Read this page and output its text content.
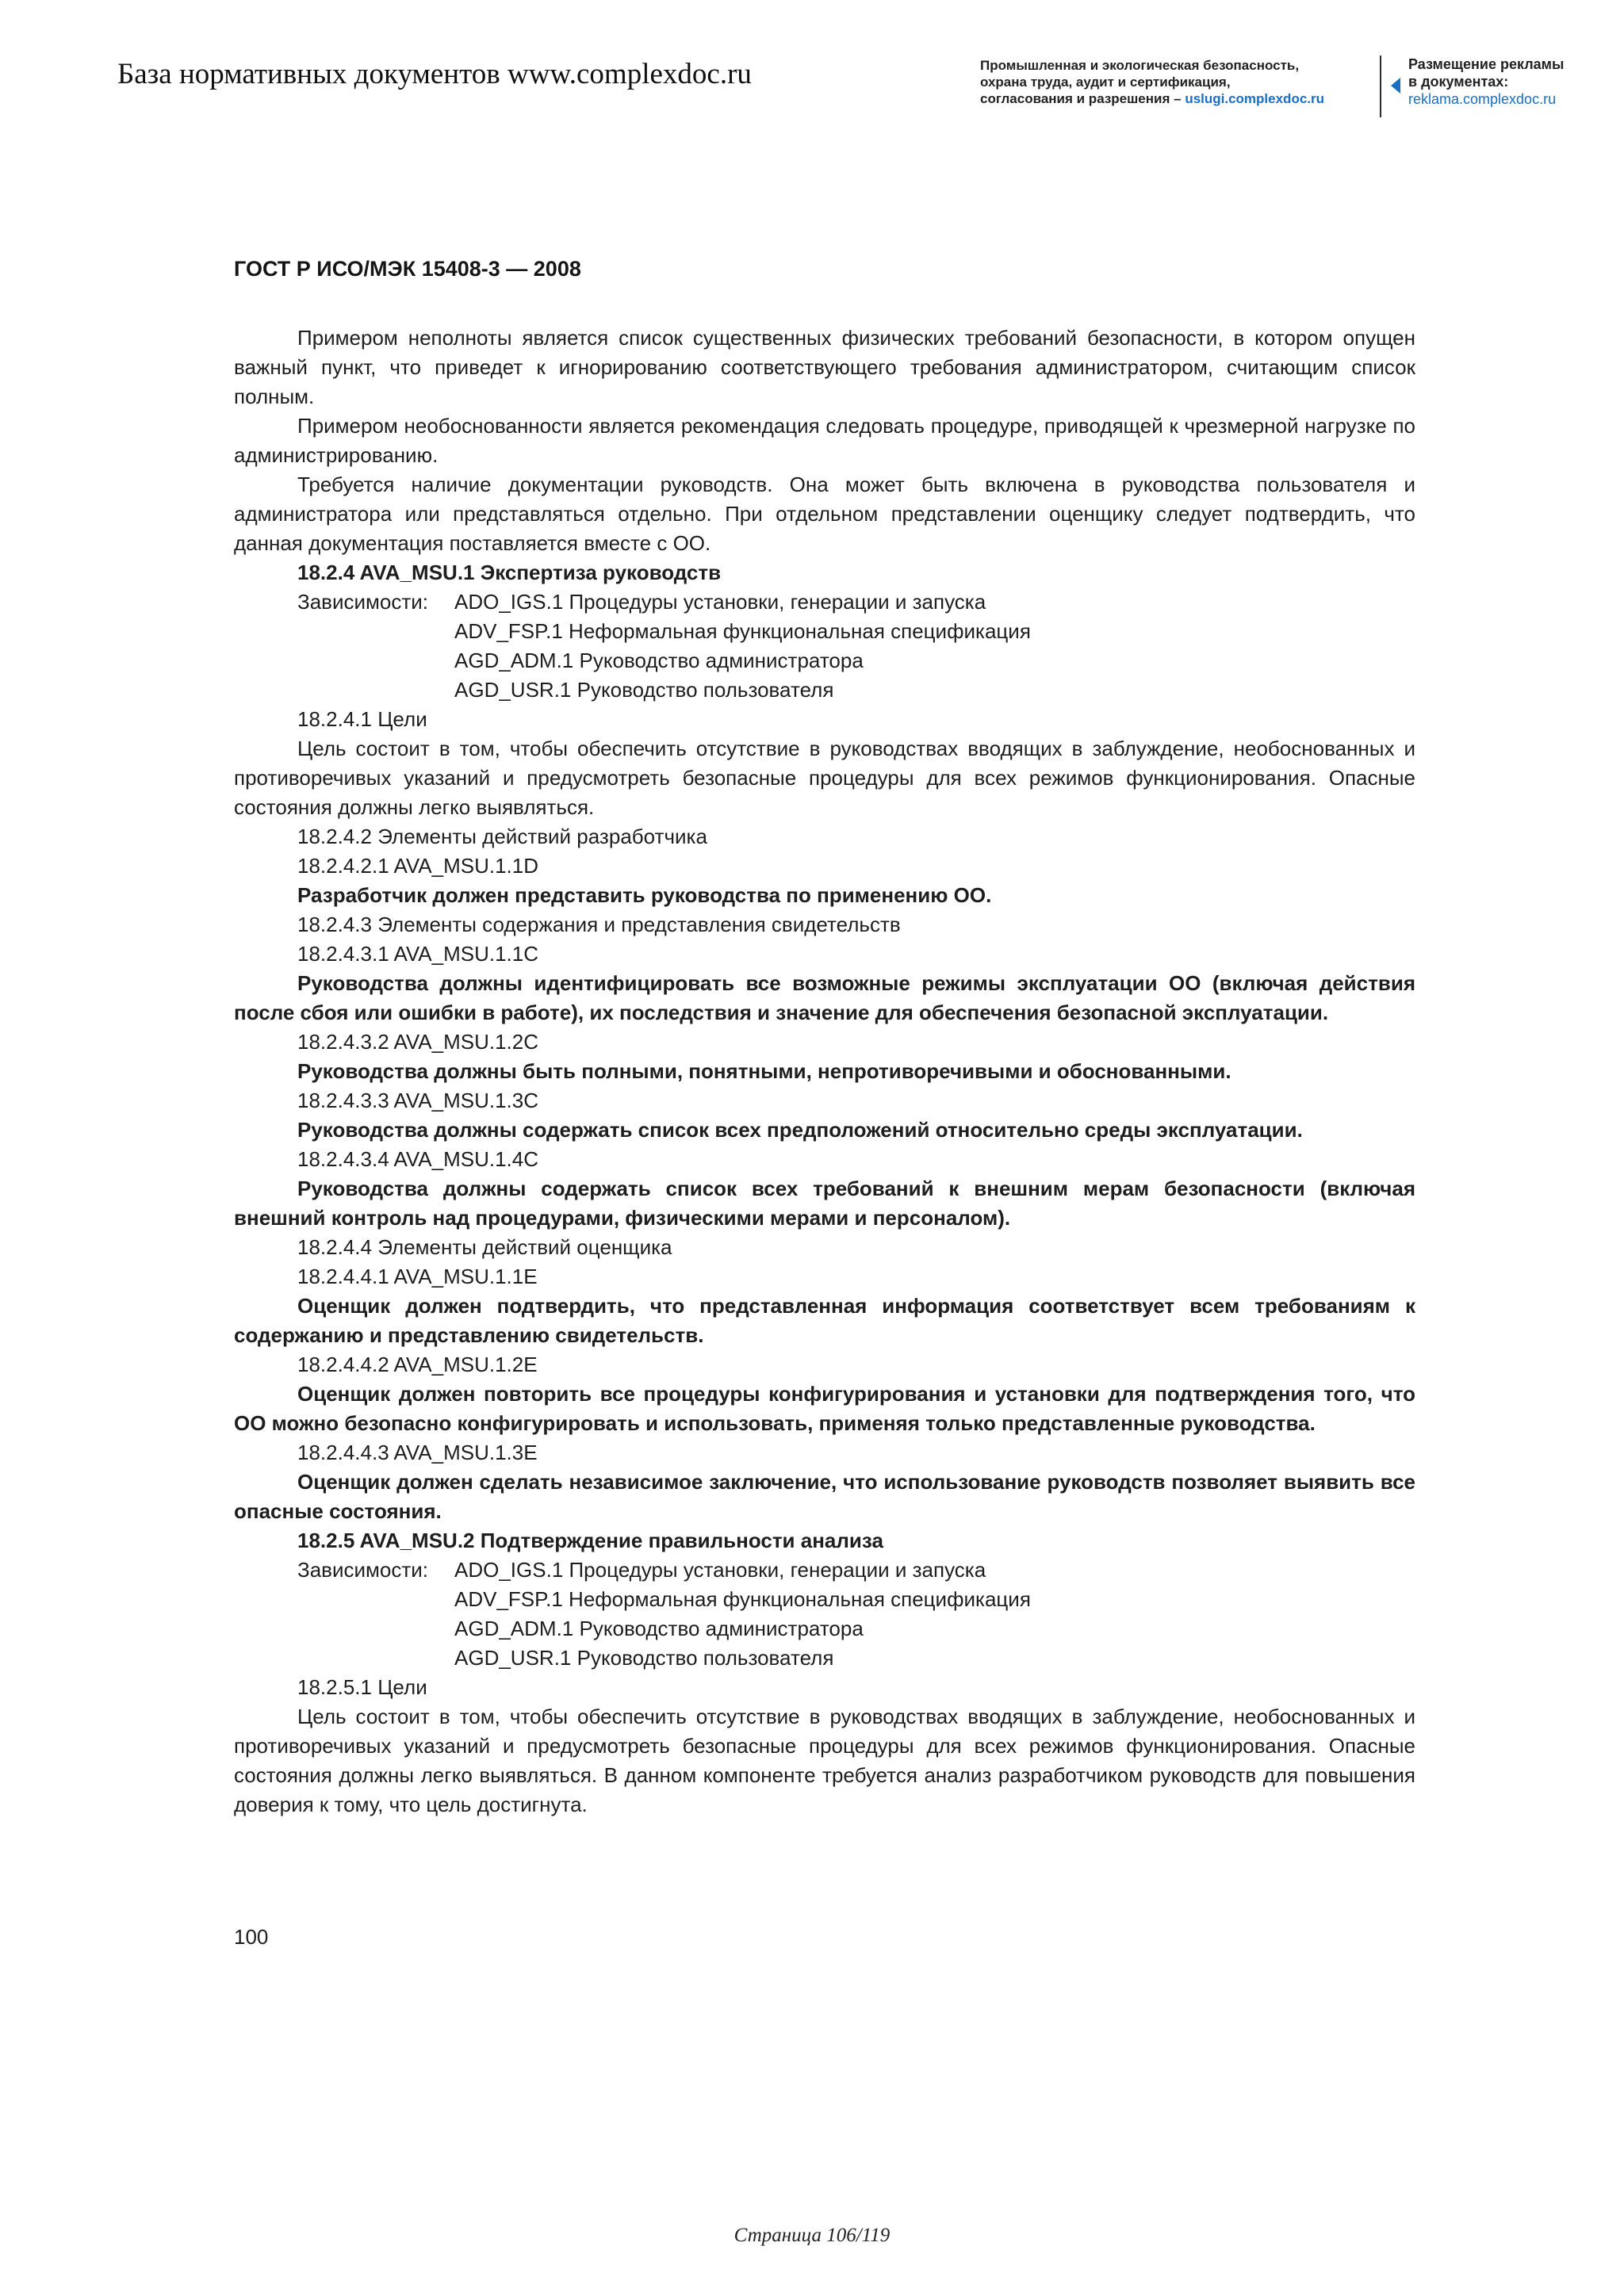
База нормативных документов www.complexdoc.ru	Промышленная и экологическая безопасность,
охрана труда, аудит и сертификация,
согласования и разрешения – uslugi.complexdoc.ru
Размещение рекламы
в документах:
reklama.complexdoc.ru
ГОСТ Р ИСО/МЭК 15408-3 — 2008

Примером неполноты является список существенных физических требований безопасности, в котором опущен важный пункт, что приведет к игнорированию соответствующего требования администратором, считающим список полным.

Примером необоснованности является рекомендация следовать процедуре, приводящей к чрезмерной нагрузке по администрированию.

Требуется наличие документации руководств. Она может быть включена в руководства пользователя и администратора или представляться отдельно. При отдельном представлении оценщику следует подтвердить, что данная документация поставляется вместе с ОО.

18.2.4 AVA_MSU.1 Экспертиза руководств

Зависимости:	ADO_IGS.1 Процедуры установки, генерации и запуска
ADV_FSP.1 Неформальная функциональная спецификация
AGD_ADM.1 Руководство администратора
AGD_USR.1 Руководство пользователя

18.2.4.1 Цели

Цель состоит в том, чтобы обеспечить отсутствие в руководствах вводящих в заблуждение, необоснованных и противоречивых указаний и предусмотреть безопасные процедуры для всех режимов функционирования. Опасные состояния должны легко выявляться.

18.2.4.2 Элементы действий разработчика

18.2.4.2.1 AVA_MSU.1.1D

Разработчик должен представить руководства по применению ОО.

18.2.4.3 Элементы содержания и представления свидетельств

18.2.4.3.1 AVA_MSU.1.1C

Руководства должны идентифицировать все возможные режимы эксплуатации ОО (включая действия после сбоя или ошибки в работе), их последствия и значение для обеспечения безопасной эксплуатации.

18.2.4.3.2 AVA_MSU.1.2C

Руководства должны быть полными, понятными, непротиворечивыми и обоснованными.

18.2.4.3.3 AVA_MSU.1.3C

Руководства должны содержать список всех предположений относительно среды эксплуатации.

18.2.4.3.4 AVA_MSU.1.4C

Руководства должны содержать список всех требований к внешним мерам безопасности (включая внешний контроль над процедурами, физическими мерами и персоналом).

18.2.4.4 Элементы действий оценщика

18.2.4.4.1 AVA_MSU.1.1E

Оценщик должен подтвердить, что представленная информация соответствует всем требованиям к содержанию и представлению свидетельств.

18.2.4.4.2 AVA_MSU.1.2E

Оценщик должен повторить все процедуры конфигурирования и установки для подтверждения того, что ОО можно безопасно конфигурировать и использовать, применяя только представленные руководства.

18.2.4.4.3 AVA_MSU.1.3E

Оценщик должен сделать независимое заключение, что использование руководств позволяет выявить все опасные состояния.

18.2.5 AVA_MSU.2 Подтверждение правильности анализа

Зависимости:	ADO_IGS.1 Процедуры установки, генерации и запуска
ADV_FSP.1 Неформальная функциональная спецификация
AGD_ADM.1 Руководство администратора
AGD_USR.1 Руководство пользователя

18.2.5.1 Цели

Цель состоит в том, чтобы обеспечить отсутствие в руководствах вводящих в заблуждение, необоснованных и противоречивых указаний и предусмотреть безопасные процедуры для всех режимов функционирования. Опасные состояния должны легко выявляться. В данном компоненте требуется анализ разработчиком руководств для повышения доверия к тому, что цель достигнута.

100
Страница 106/119
